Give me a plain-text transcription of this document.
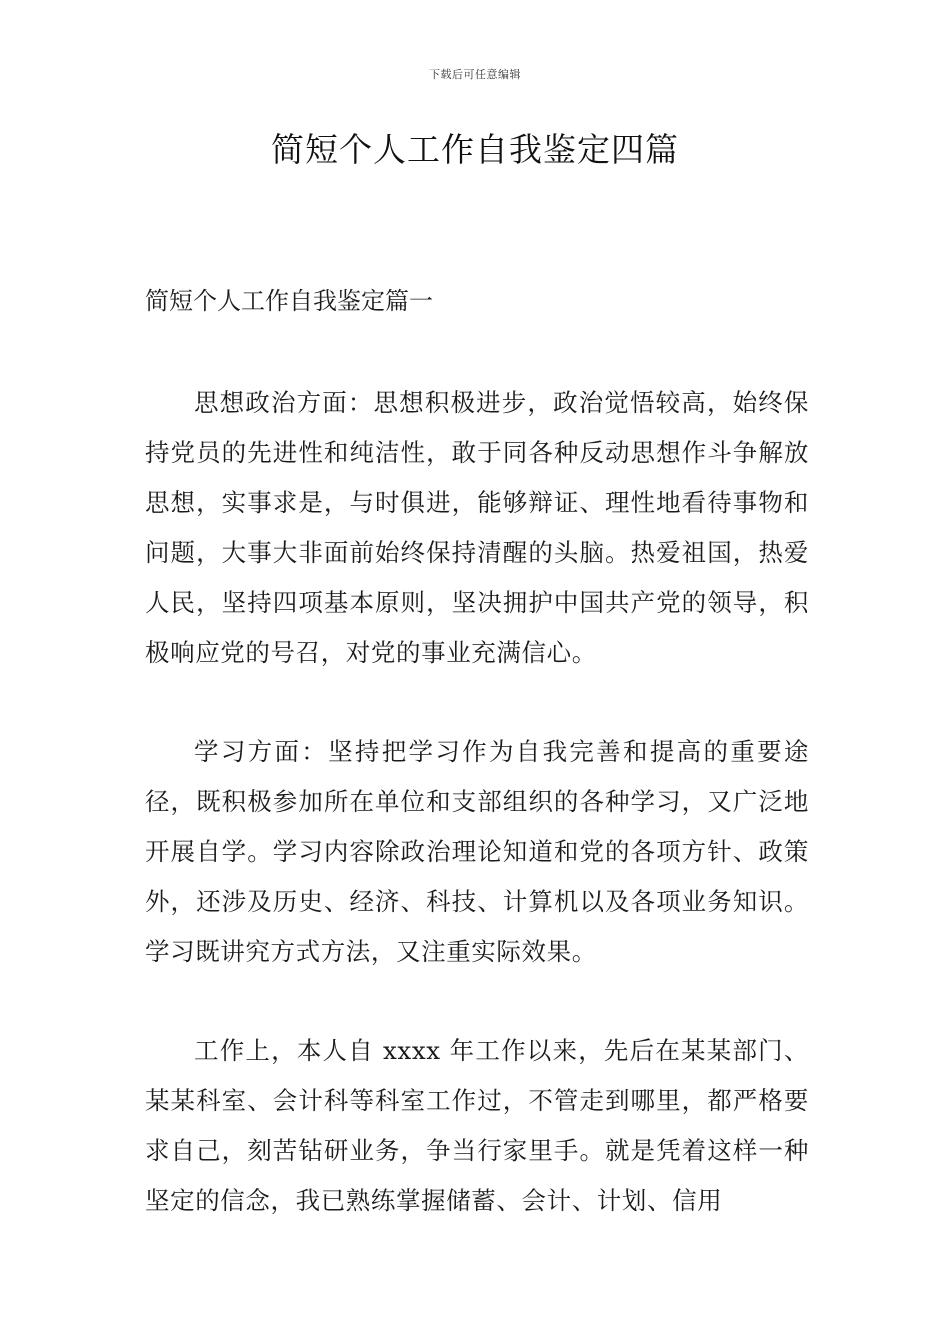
下载后可任意编辑
简短个人工作自我鉴定四篇
简短个人工作自我鉴定篇一

思想政治方面：思想积极进步，政治觉悟较高，始终保持党员的先进性和纯洁性，敢于同各种反动思想作斗争解放思想，实事求是，与时俱进，能够辩证、理性地看待事物和问题，大事大非面前始终保持清醒的头脑。热爱祖国，热爱人民，坚持四项基本原则，坚决拥护中国共产党的领导，积极响应党的号召，对党的事业充满信心。

学习方面：坚持把学习作为自我完善和提高的重要途径，既积极参加所在单位和支部组织的各种学习，又广泛地开展自学。学习内容除政治理论知道和党的各项方针、政策外，还涉及历史、经济、科技、计算机以及各项业务知识。学习既讲究方式方法，又注重实际效果。

工作上，本人自 xxxx 年工作以来，先后在某某部门、某某科室、会计科等科室工作过，不管走到哪里，都严格要求自己，刻苦钻研业务，争当行家里手。就是凭着这样一种坚定的信念，我已熟练掌握储蓄、会计、计划、信用
